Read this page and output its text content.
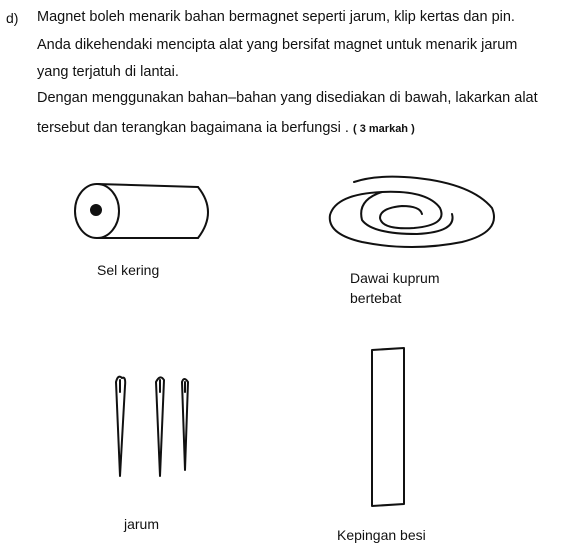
d) Magnet boleh menarik bahan bermagnet seperti jarum, klip kertas dan pin.
Anda dikehendaki mencipta alat yang bersifat magnet untuk menarik jarum
yang terjatuh di lantai.
Dengan menggunakan bahan–bahan yang disediakan di bawah, lakarkan alat
tersebut dan terangkan bagaimana ia berfungsi . ( 3 markah )
Sel kering	Dawai kuprum
bertebat
jarum
Kepingan besi
